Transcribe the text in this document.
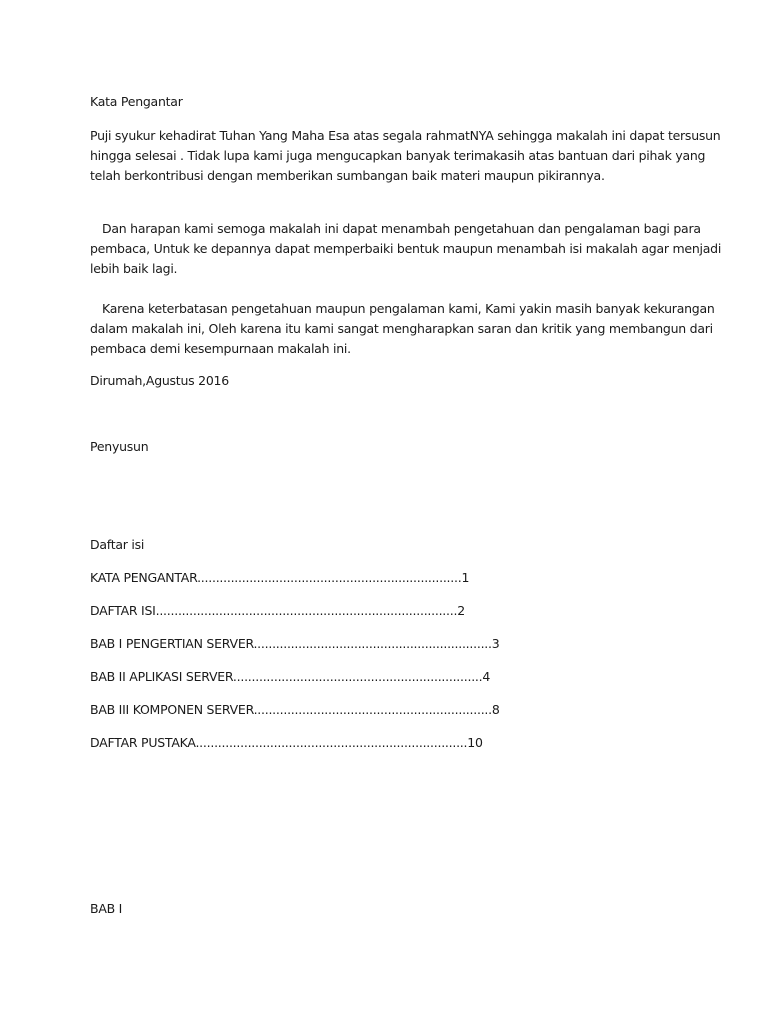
Kata Pengantar
Puji syukur kehadirat Tuhan Yang Maha Esa atas segala rahmatNYA sehingga makalah ini dapat tersusun
hingga selesai . Tidak lupa kami juga mengucapkan banyak terimakasih atas bantuan dari pihak yang
telah berkontribusi dengan memberikan sumbangan baik materi maupun pikirannya.
Dan harapan kami semoga makalah ini dapat menambah pengetahuan dan pengalaman bagi para
pembaca, Untuk ke depannya dapat memperbaiki bentuk maupun menambah isi makalah agar menjadi
lebih baik lagi.
Karena keterbatasan pengetahuan maupun pengalaman kami, Kami yakin masih banyak kekurangan
dalam makalah ini, Oleh karena itu kami sangat mengharapkan saran dan kritik yang membangun dari
pembaca demi kesempurnaan makalah ini.
Dirumah,Agustus 2016
Penyusun
Daftar isi
KATA PENGANTAR.......................................................................1
DAFTAR ISI.................................................................................2
BAB I PENGERTIAN SERVER................................................................3
BAB II APLIKASI SERVER...................................................................4
BAB III KOMPONEN SERVER................................................................8
DAFTAR PUSTAKA.........................................................................10
BAB I
